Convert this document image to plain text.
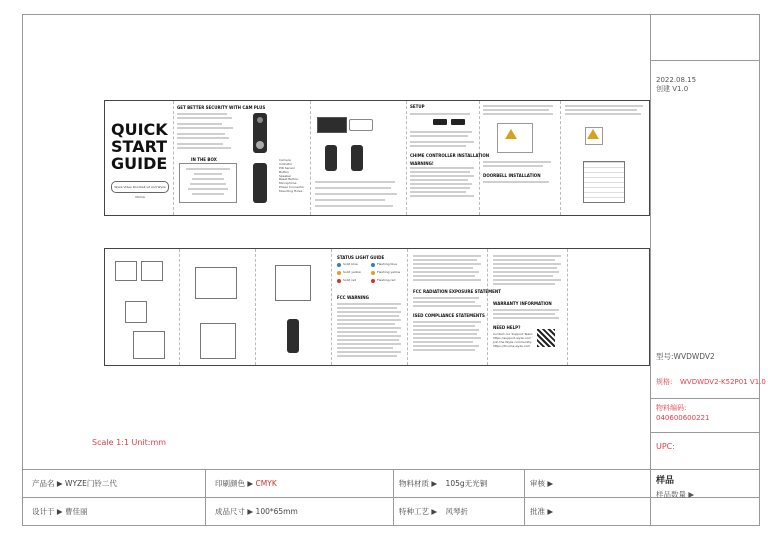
2022.08.15
创建 V1.0
型号:WVDWDV2
规格: WVDWDV2-K52P01 V1.0
物料编码:
040600600221
UPC:
样品
样品数量 ▶
Scale 1:1 Unit:mm
产品名 ▶ WYZE门铃二代	印刷颜色 ▶ CMYK	物料材质 ▶ 105g无光铜	审核 ▶
设计于 ▶ 曹佳丽	成品尺寸 ▶ 100*65mm	特种工艺 ▶ 风琴折	批准 ▶
QUICK
START
GUIDE
Wyze Video Doorbell v2 and Wyze Chime
GET BETTER SECURITY WITH CAM PLUS
IN THE BOX	Camera
Indicator
PIR Sensor
Button
Speaker
Reset Button
Microphone
Power Connector
Mounting Holes
SETUP
CHIME CONTROLLER INSTALLATION
WARNING!
DOORBELL INSTALLATION
STATUS LIGHT GUIDE
Solid blue	Flashing blue
Solid yellow	Flashing yellow
Solid red	Flashing red
FCC WARNING
FCC RADIATION EXPOSURE STATEMENT
ISED COMPLIANCE STATEMENTS
WARRANTY INFORMATION
NEED HELP?
Contact our Support Team:
https://support.wyze.com
Join the Wyze community:
https://forums.wyze.com
